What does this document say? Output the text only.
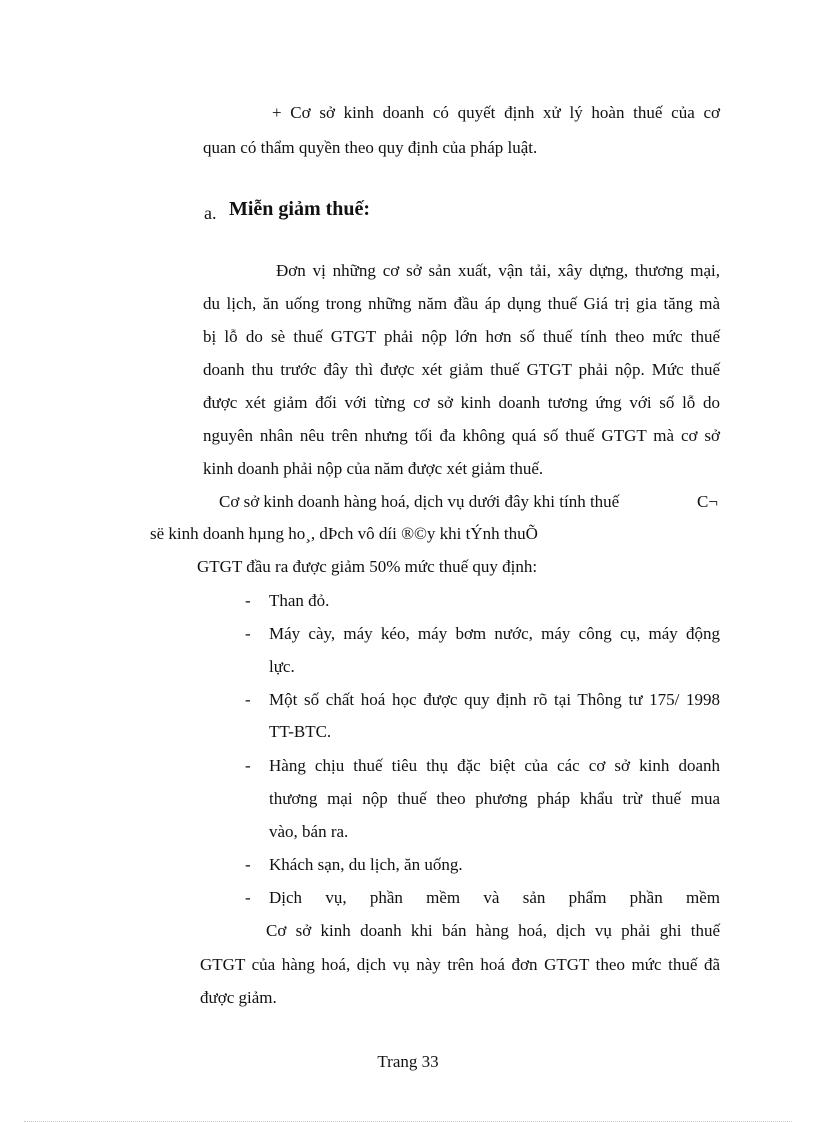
+ Cơ sở kinh doanh có quyết định xử lý hoàn thuế của cơ
quan có thẩm quyền theo quy định của pháp luật.
a. Miễn giảm thuế:
Đơn vị những cơ sở sản xuất, vận tải, xây dựng, thương mại,
du lịch, ăn uống trong những năm đầu áp dụng thuế Giá trị gia tăng mà
bị lỗ do sè thuế GTGT phải nộp lớn hơn số thuế tính theo mức thuế
doanh thu trước đây thì được xét giảm thuế GTGT phải nộp. Mức thuế
được xét giảm đối với từng cơ sở kinh doanh tương ứng với số lỗ do
nguyên nhân nêu trên nhưng tối đa không quá số thuế GTGT mà cơ sở
kinh doanh phải nộp của năm được xét giảm thuế.
Cơ sở kinh doanh hàng hoá, dịch vụ dưới đây khi tính thuế	C¬
së kinh doanh hµng ho¸, dÞch vô díi ®©y khi tÝnh thuÕ
GTGT đầu ra được giảm 50% mức thuế quy định:
- Than đỏ.
- Máy cày, máy kéo, máy bơm nước, máy công cụ, máy động
lực.
- Một số chất hoá học được quy định rõ tại Thông tư 175/ 1998
TT-BTC.
- Hàng chịu thuế tiêu thụ đặc biệt của các cơ sở kinh doanh
thương mại nộp thuế theo phương pháp khẩu trừ thuế mua
vào, bán ra.
- Khách sạn, du lịch, ăn uống.
- Dịch vụ, phần mềm và sản phẩm phần mềm
Cơ sở kinh doanh khi bán hàng hoá, dịch vụ phải ghi thuế
GTGT của hàng hoá, dịch vụ này trên hoá đơn GTGT theo mức thuế đã
được giảm.
Trang 33
